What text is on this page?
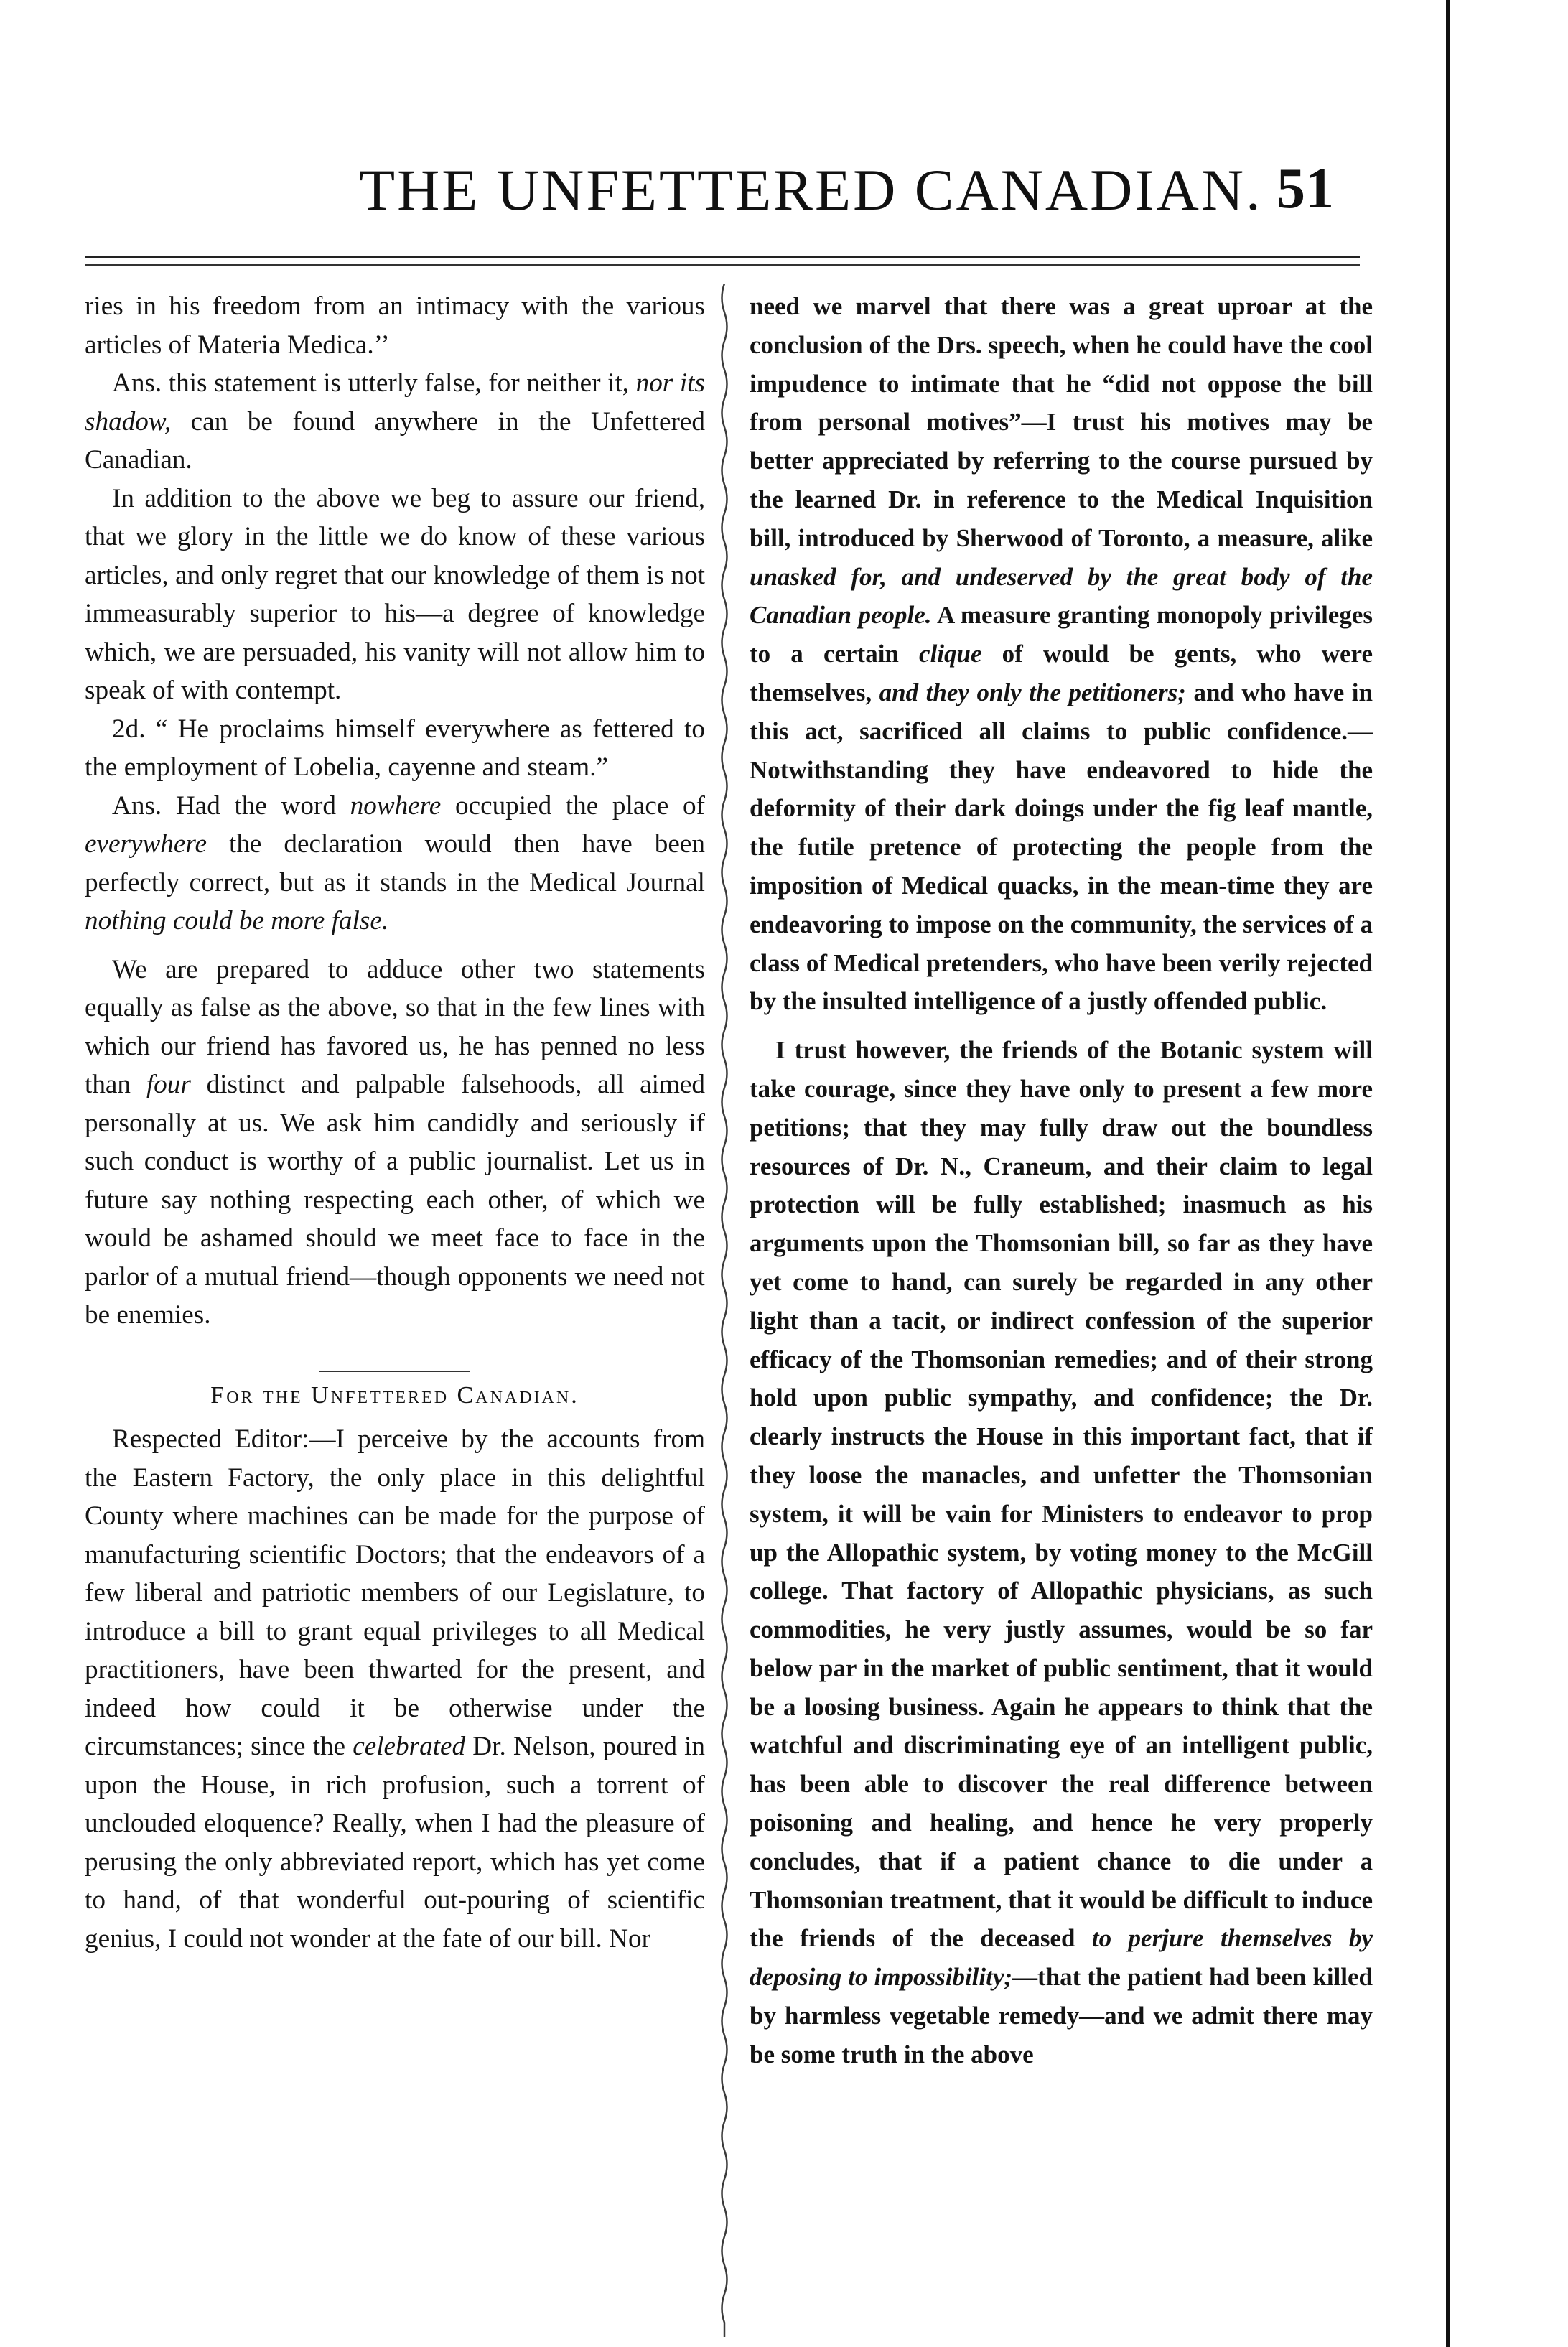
THE UNFETTERED CANADIAN. 51

ries in his freedom from an intimacy with the various articles of Materia Medica.’’

Ans. this statement is utterly false, for neither it, nor its shadow, can be found anywhere in the Unfettered Canadian.

In addition to the above we beg to assure our friend, that we glory in the little we do know of these various articles, and only regret that our knowledge of them is not immeasurably superior to his—a degree of knowledge which, we are persuaded, his vanity will not allow him to speak of with contempt.

2d. “ He proclaims himself everywhere as fettered to the employment of Lobelia, cayenne and steam.”

Ans. Had the word nowhere occupied the place of everywhere the declaration would then have been perfectly correct, but as it stands in the Medical Journal nothing could be more false.

We are prepared to adduce other two statements equally as false as the above, so that in the few lines with which our friend has favored us, he has penned no less than four distinct and palpable falsehoods, all aimed personally at us. We ask him candidly and seriously if such conduct is worthy of a public journalist. Let us in future say nothing respecting each other, of which we would be ashamed should we meet face to face in the parlor of a mutual friend—though opponents we need not be enemies.

For the Unfettered Canadian.

Respected Editor:—I perceive by the accounts from the Eastern Factory, the only place in this delightful County where machines can be made for the purpose of manufacturing scientific Doctors; that the endeavors of a few liberal and patriotic members of our Legislature, to introduce a bill to grant equal privileges to all Medical practitioners, have been thwarted for the present, and indeed how could it be otherwise under the circumstances; since the celebrated Dr. Nelson, poured in upon the House, in rich profusion, such a torrent of unclouded eloquence? Really, when I had the pleasure of perusing the only abbreviated report, which has yet come to hand, of that wonderful out-pouring of scientific genius, I could not wonder at the fate of our bill. Nor

need we marvel that there was a great uproar at the conclusion of the Drs. speech, when he could have the cool impudence to intimate that he “did not oppose the bill from personal motives”—I trust his motives may be better appreciated by referring to the course pursued by the learned Dr. in reference to the Medical Inquisition bill, introduced by Sherwood of Toronto, a measure, alike unasked for, and undeserved by the great body of the Canadian people. A measure granting monopoly privileges to a certain clique of would be gents, who were themselves, and they only the petitioners; and who have in this act, sacrificed all claims to public confidence.— Notwithstanding they have endeavored to hide the deformity of their dark doings under the fig leaf mantle, the futile pretence of protecting the people from the imposition of Medical quacks, in the mean-time they are endeavoring to impose on the community, the services of a class of Medical pretenders, who have been verily rejected by the insulted intelligence of a justly offended public.

I trust however, the friends of the Botanic system will take courage, since they have only to present a few more petitions; that they may fully draw out the boundless resources of Dr. N., Craneum, and their claim to legal protection will be fully established; inasmuch as his arguments upon the Thomsonian bill, so far as they have yet come to hand, can surely be regarded in any other light than a tacit, or indirect confession of the superior efficacy of the Thomsonian remedies; and of their strong hold upon public sympathy, and confidence; the Dr. clearly instructs the House in this important fact, that if they loose the manacles, and unfetter the Thomsonian system, it will be vain for Ministers to endeavor to prop up the Allopathic system, by voting money to the McGill college. That factory of Allopathic physicians, as such commodities, he very justly assumes, would be so far below par in the market of public sentiment, that it would be a loosing business. Again he appears to think that the watchful and discriminating eye of an intelligent public, has been able to discover the real difference between poisoning and healing, and hence he very properly concludes, that if a patient chance to die under a Thomsonian treatment, that it would be difficult to induce the friends of the deceased to perjure themselves by deposing to impossibility;—that the patient had been killed by harmless vegetable remedy—and we admit there may be some truth in the above
